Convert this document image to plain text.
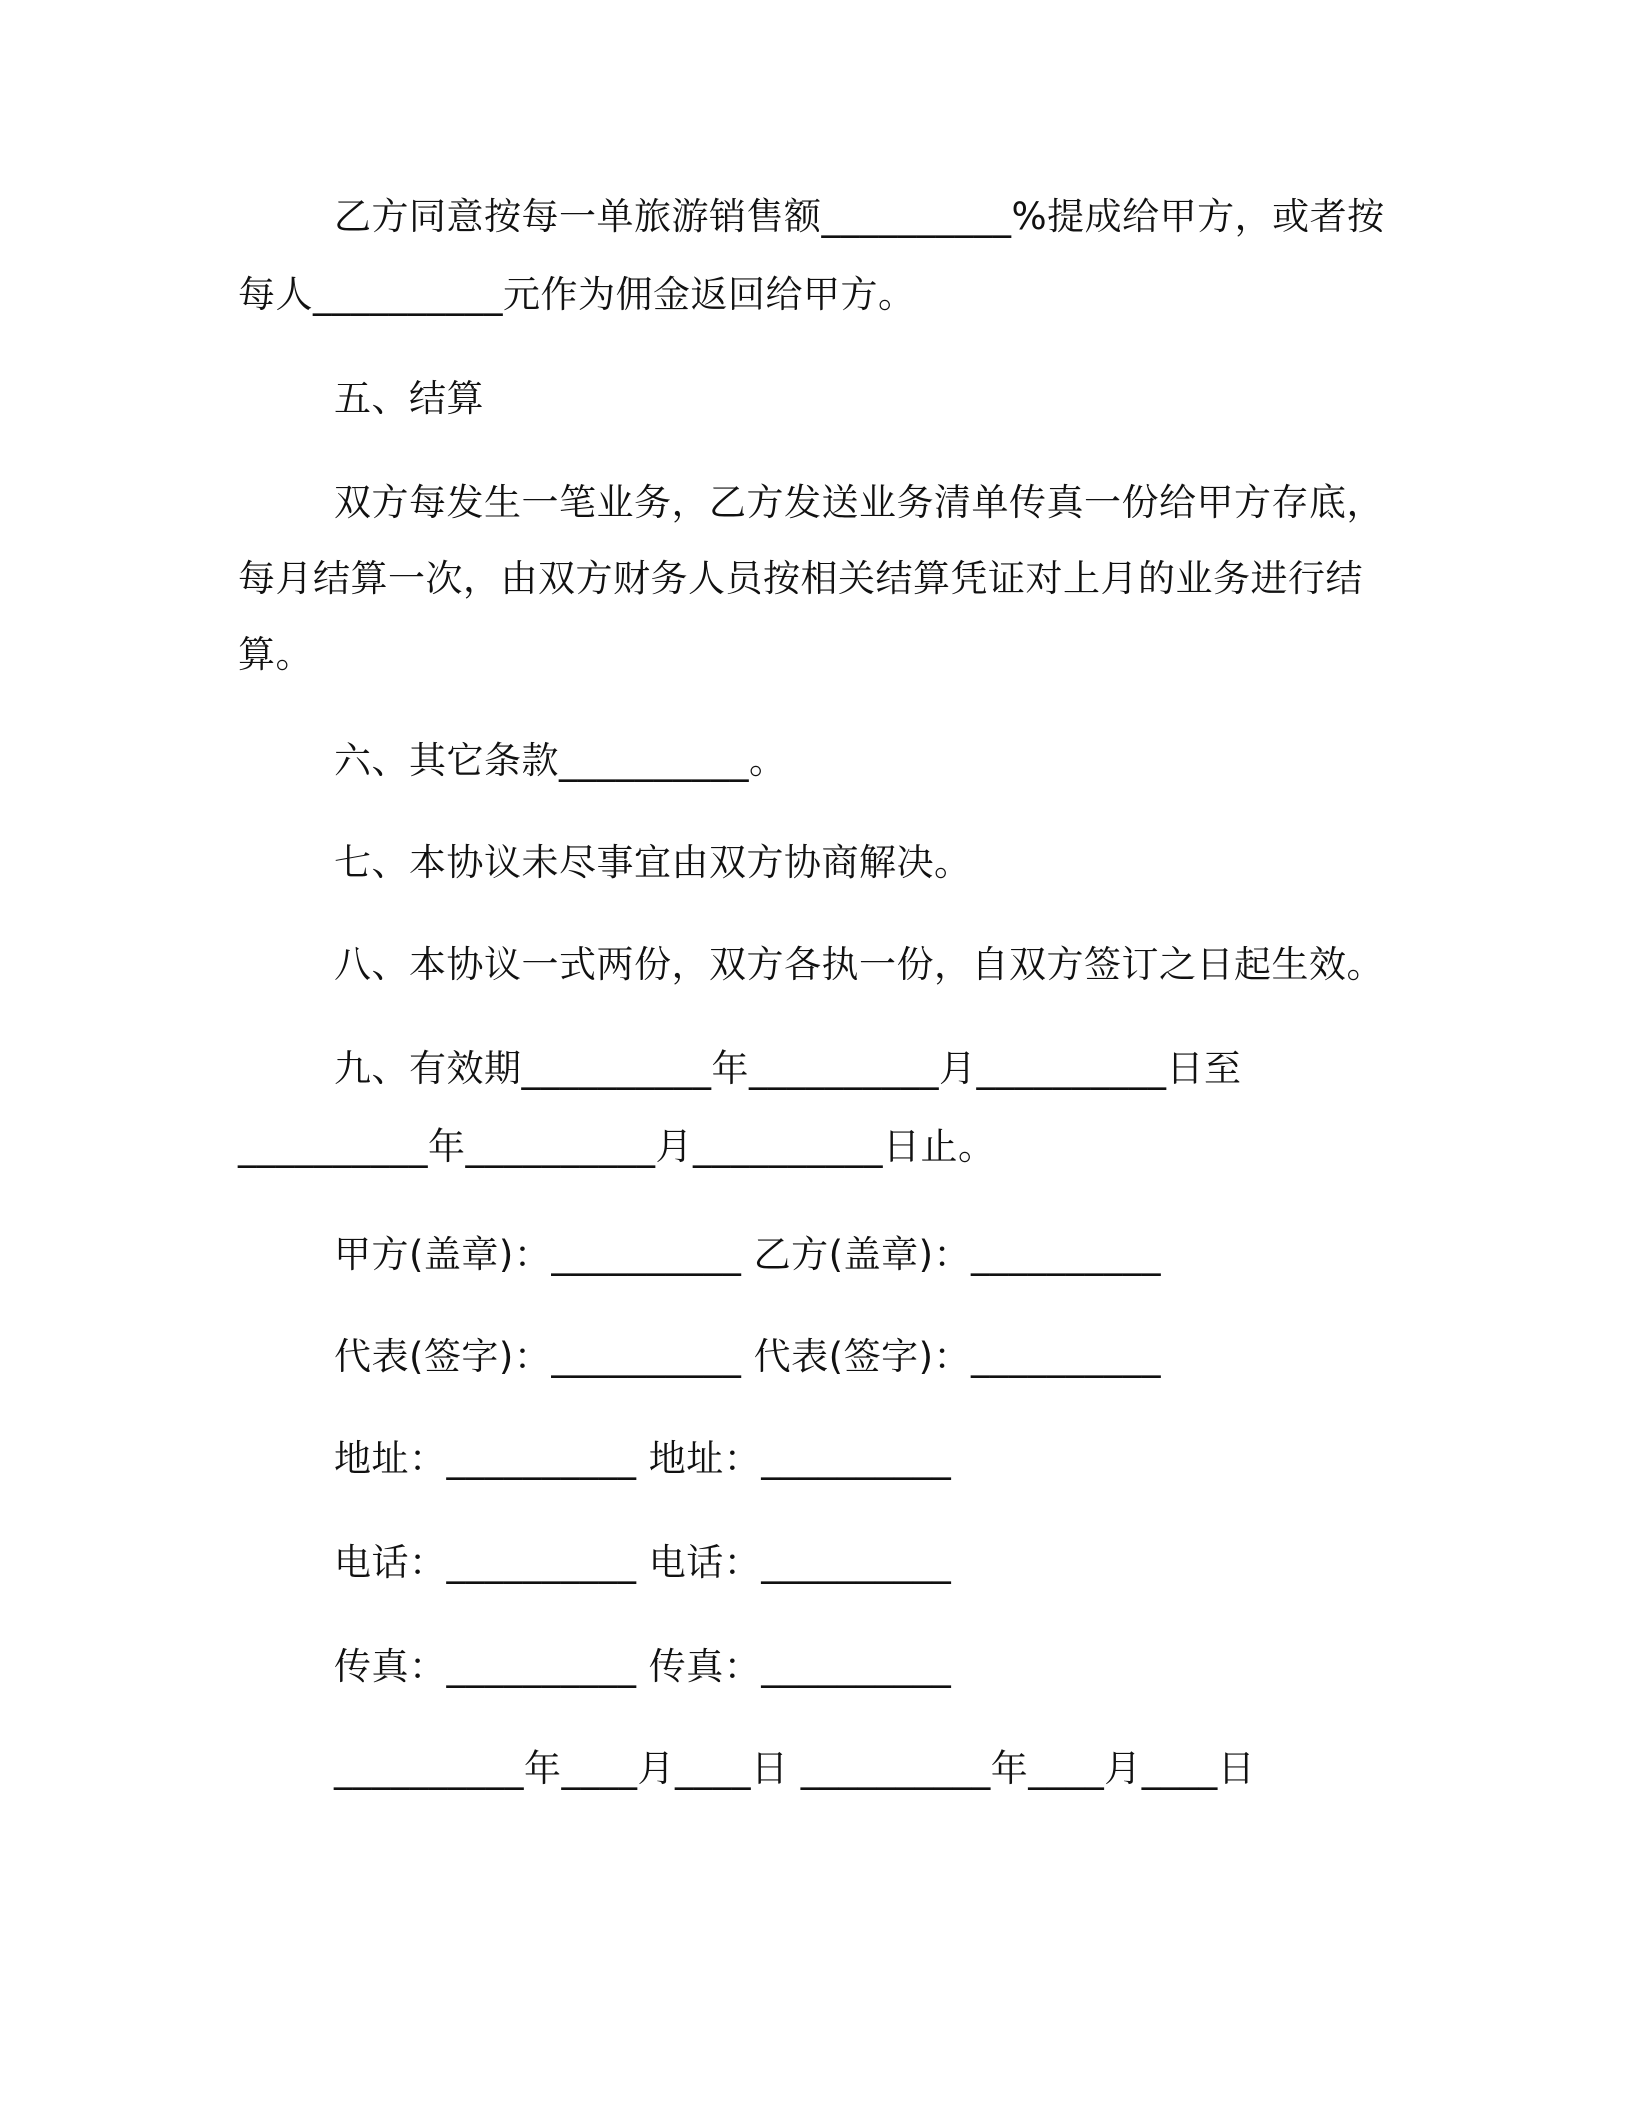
乙方同意按每一单旅游销售额__________%提成给甲方，或者按
每人__________元作为佣金返回给甲方。
五、结算
双方每发生一笔业务，乙方发送业务清单传真一份给甲方存底，
每月结算一次，由双方财务人员按相关结算凭证对上月的业务进行结
算。
六、其它条款__________。
七、本协议未尽事宜由双方协商解决。
八、本协议一式两份，双方各执一份，自双方签订之日起生效。
九、有效期__________年__________月__________日至
__________年__________月__________日止。
甲方(盖章)：__________ 乙方(盖章)：__________
代表(签字)：__________ 代表(签字)：__________
地址：__________ 地址：__________
电话：__________ 电话：__________
传真：__________ 传真：__________
__________年____月____日 __________年____月____日
